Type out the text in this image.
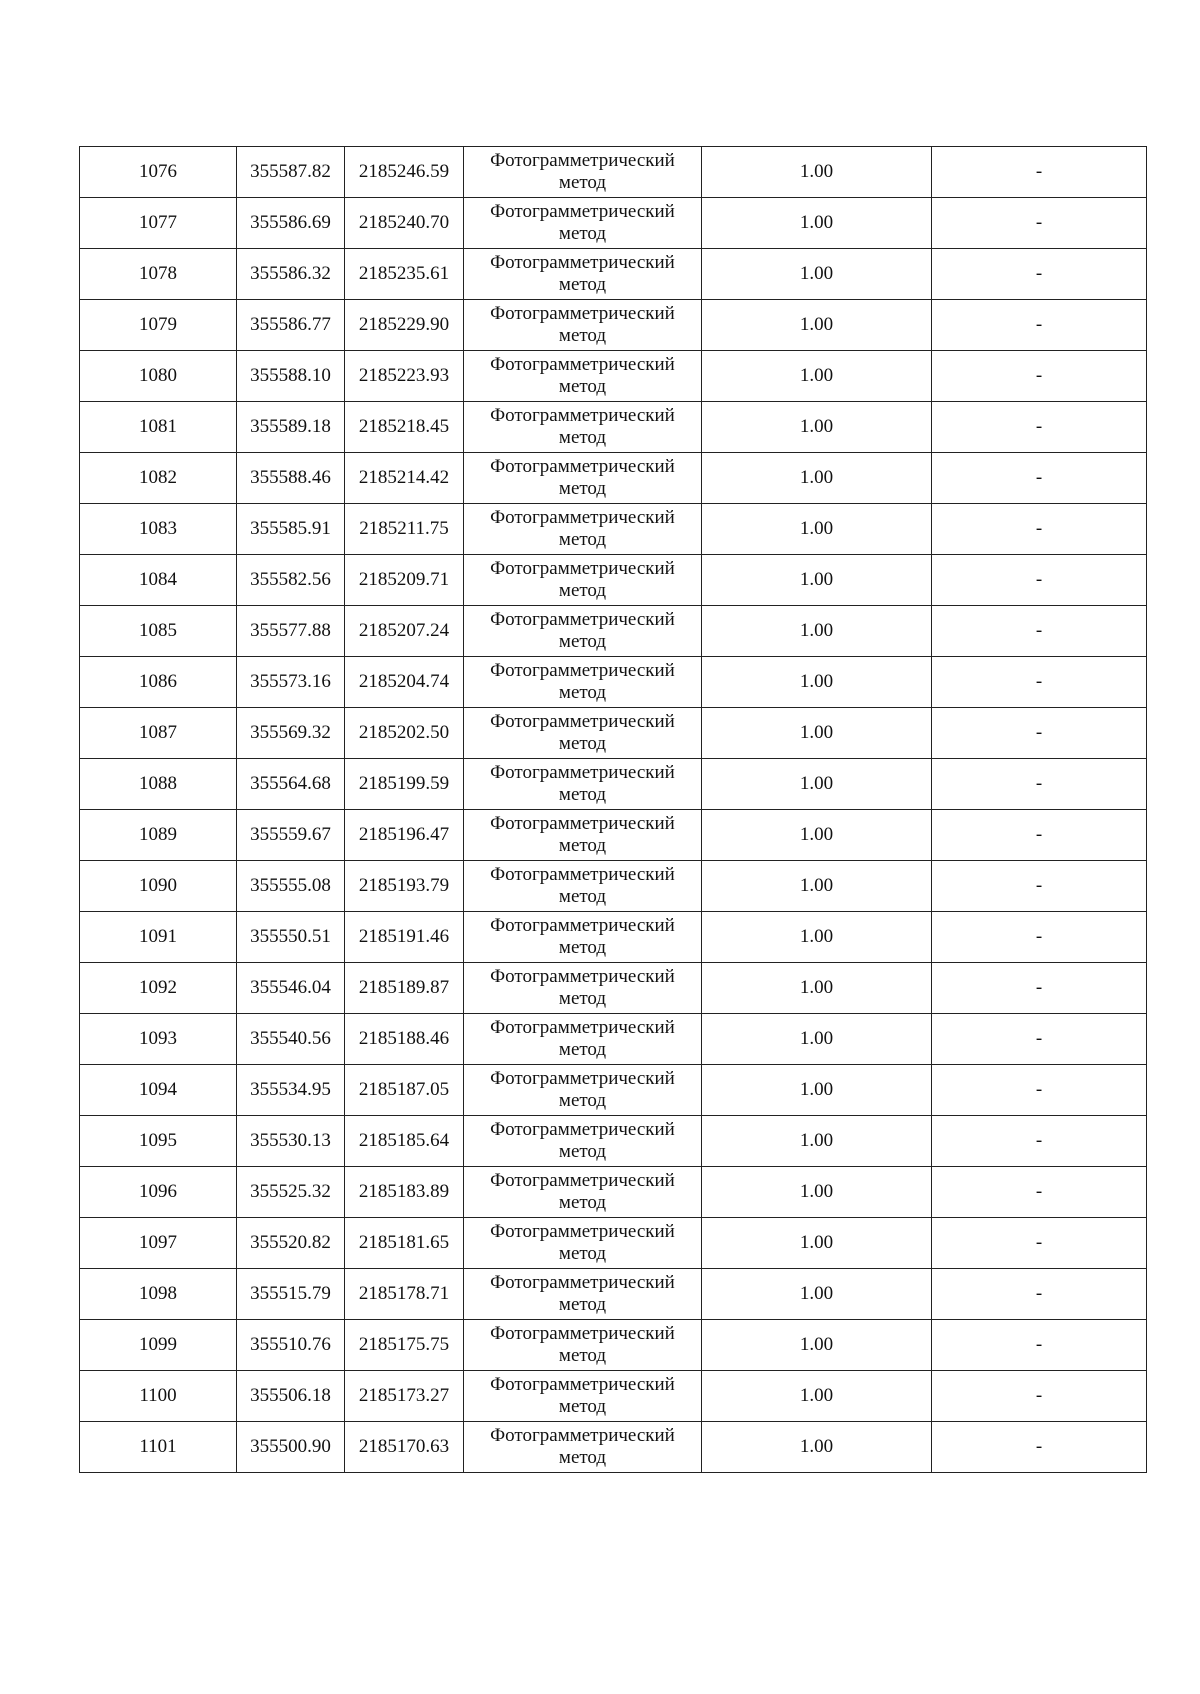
1076	355587.82	2185246.59	Фотограмметрический
метод	1.00	-
1077	355586.69	2185240.70	Фотограмметрический
метод	1.00	-
1078	355586.32	2185235.61	Фотограмметрический
метод	1.00	-
1079	355586.77	2185229.90	Фотограмметрический
метод	1.00	-
1080	355588.10	2185223.93	Фотограмметрический
метод	1.00	-
1081	355589.18	2185218.45	Фотограмметрический
метод	1.00	-
1082	355588.46	2185214.42	Фотограмметрический
метод	1.00	-
1083	355585.91	2185211.75	Фотограмметрический
метод	1.00	-
1084	355582.56	2185209.71	Фотограмметрический
метод	1.00	-
1085	355577.88	2185207.24	Фотограмметрический
метод	1.00	-
1086	355573.16	2185204.74	Фотограмметрический
метод	1.00	-
1087	355569.32	2185202.50	Фотограмметрический
метод	1.00	-
1088	355564.68	2185199.59	Фотограмметрический
метод	1.00	-
1089	355559.67	2185196.47	Фотограмметрический
метод	1.00	-
1090	355555.08	2185193.79	Фотограмметрический
метод	1.00	-
1091	355550.51	2185191.46	Фотограмметрический
метод	1.00	-
1092	355546.04	2185189.87	Фотограмметрический
метод	1.00	-
1093	355540.56	2185188.46	Фотограмметрический
метод	1.00	-
1094	355534.95	2185187.05	Фотограмметрический
метод	1.00	-
1095	355530.13	2185185.64	Фотограмметрический
метод	1.00	-
1096	355525.32	2185183.89	Фотограмметрический
метод	1.00	-
1097	355520.82	2185181.65	Фотограмметрический
метод	1.00	-
1098	355515.79	2185178.71	Фотограмметрический
метод	1.00	-
1099	355510.76	2185175.75	Фотограмметрический
метод	1.00	-
1100	355506.18	2185173.27	Фотограмметрический
метод	1.00	-
1101	355500.90	2185170.63	Фотограмметрический
метод	1.00	-
